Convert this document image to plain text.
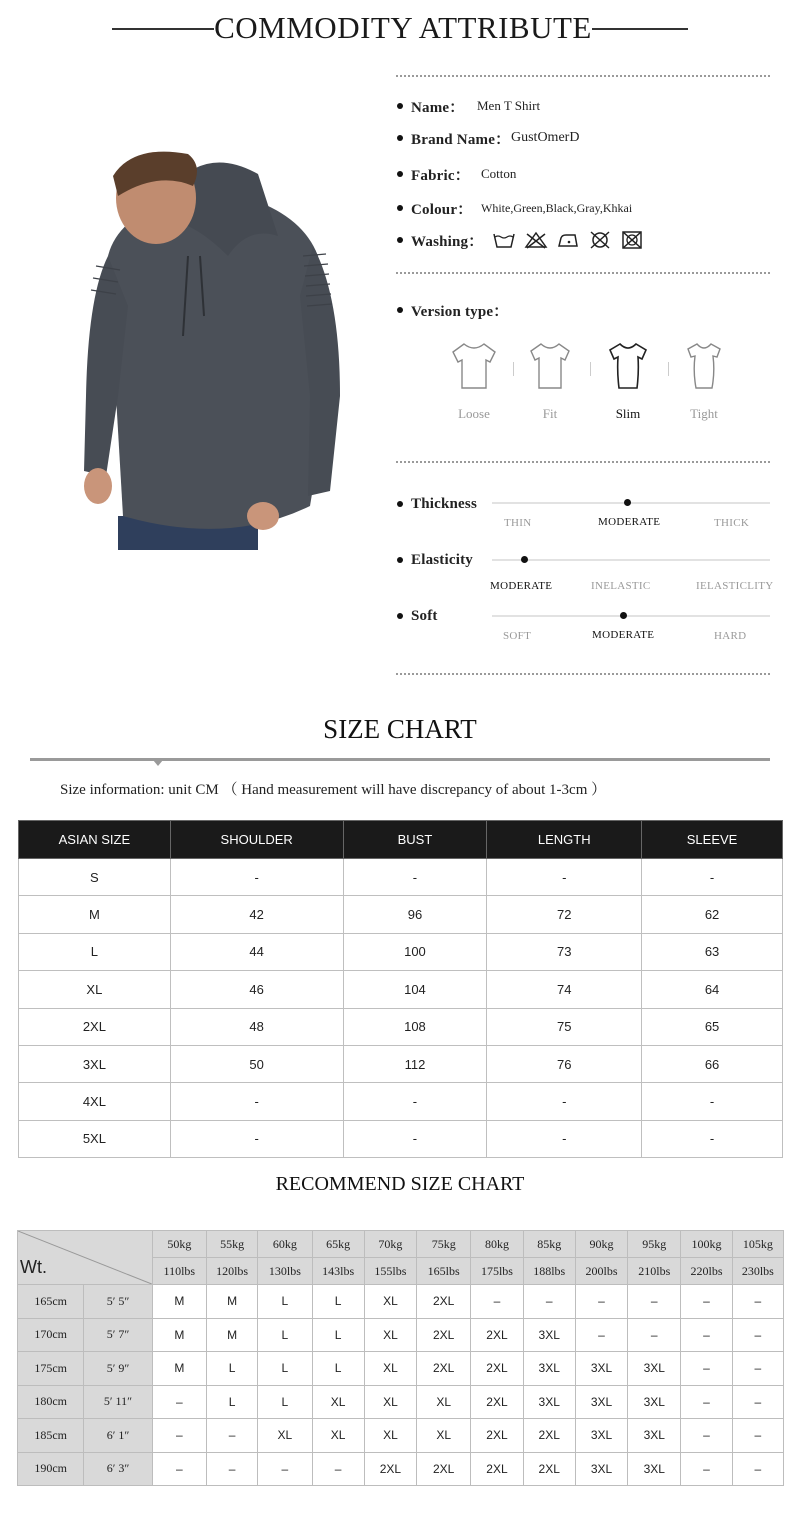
COMMODITY ATTRIBUTE
Name： Men T Shirt
Brand Name： GustOmerD
Fabric： Cotton
Colour： White,Green,Black,Gray,Khkai
Washing：
Version type：
Loose	Fit	Slim	Tight
Thickness
THIN	MODERATE	THICK
Elasticity
MODERATE	INELASTIC	IELASTICLITY
Soft
SOFT	MODERATE	HARD
SIZE CHART
Size information: unit CM （ Hand measurement will have discrepancy of about 1-3cm ）
ASIAN SIZE	SHOULDER	BUST	LENGTH	SLEEVE
S	-	-	-	-
M	42	96	72	62
L	44	100	73	63
XL	46	104	74	64
2XL	48	108	75	65
3XL	50	112	76	66
4XL	-	-	-	-
5XL	-	-	-	-
RECOMMEND SIZE CHART
Wt.		50kg	55kg	60kg	65kg	70kg	75kg	80kg	85kg	90kg	95kg	100kg	105kg
		110lbs	120lbs	130lbs	143lbs	155lbs	165lbs	175lbs	188lbs	200lbs	210lbs	220lbs	230lbs
165cm	5′ 5″	M	M	L	L	XL	2XL	–	–	–	–	–	–
170cm	5′ 7″	M	M	L	L	XL	2XL	2XL	3XL	–	–	–	–
175cm	5′ 9″	M	L	L	L	XL	2XL	2XL	3XL	3XL	3XL	–	–
180cm	5′ 11″	–	L	L	XL	XL	XL	2XL	3XL	3XL	3XL	–	–
185cm	6′ 1″	–	–	XL	XL	XL	XL	2XL	2XL	3XL	3XL	–	–
190cm	6′ 3″	–	–	–	–	2XL	2XL	2XL	2XL	3XL	3XL	–	–
